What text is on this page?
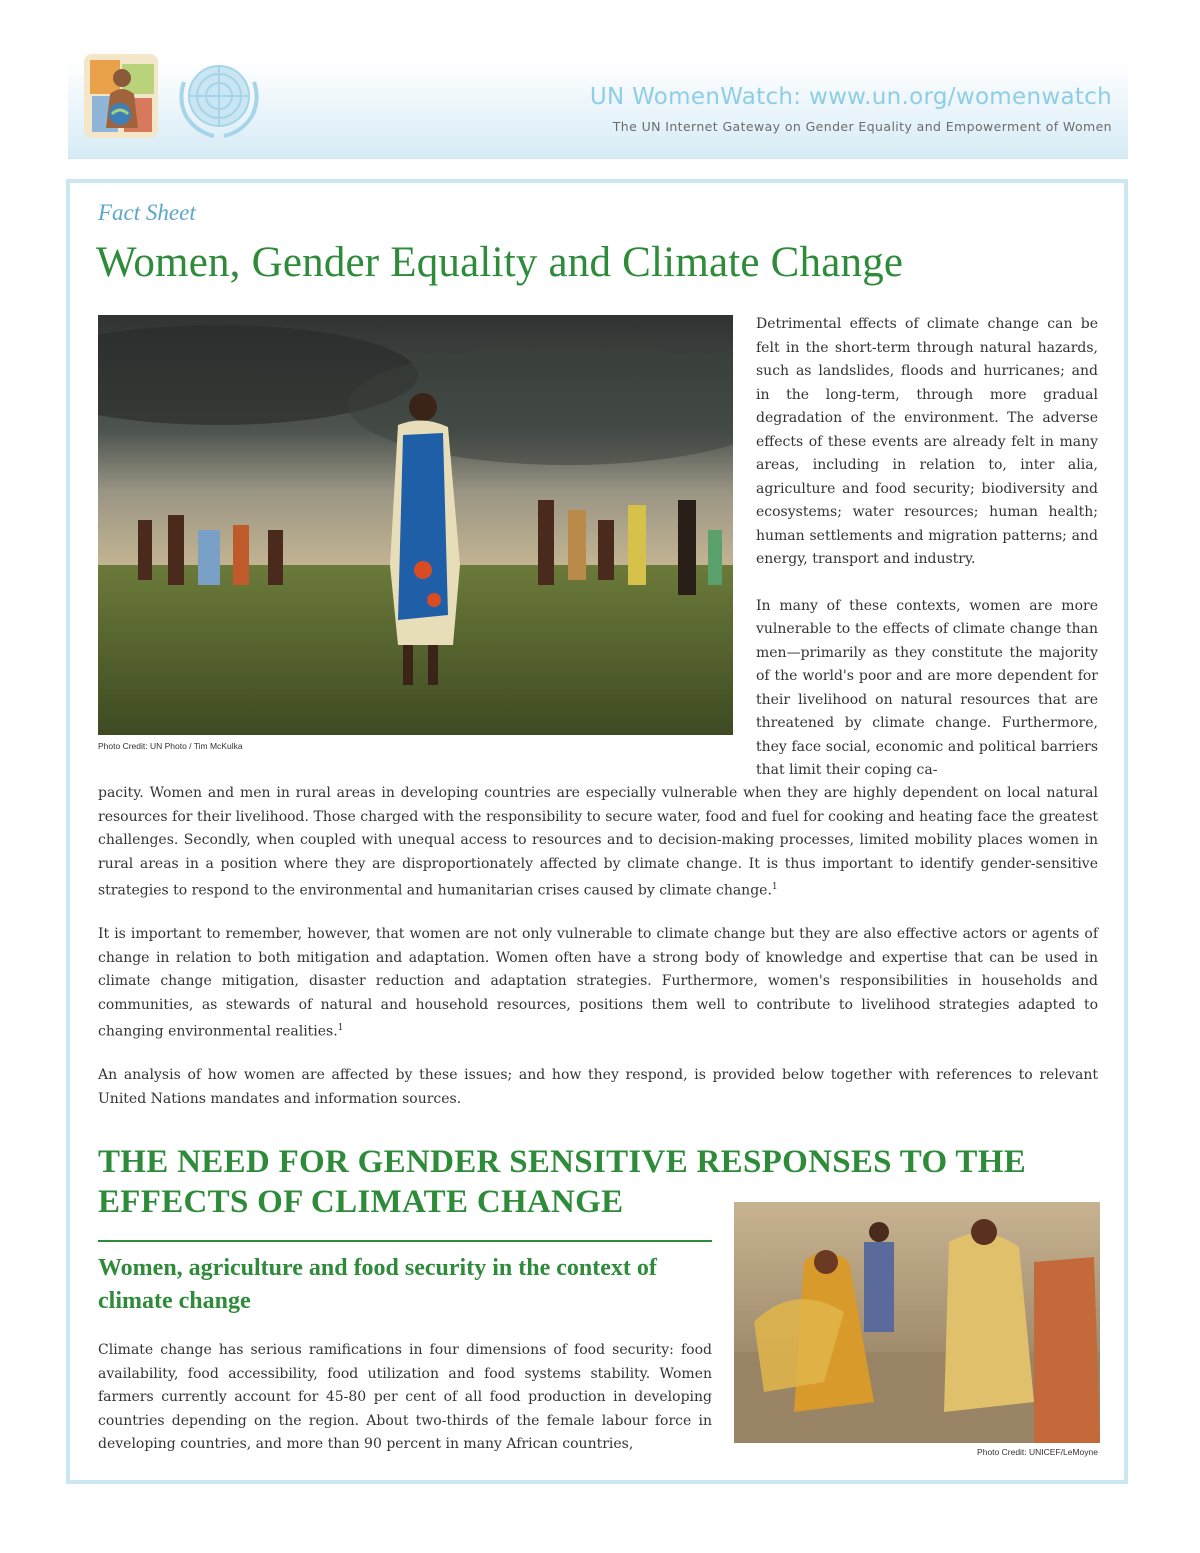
UN WomenWatch: www.un.org/womenwatch
The UN Internet Gateway on Gender Equality and Empowerment of Women
Fact Sheet
Women, Gender Equality and Climate Change
Photo Credit: UN Photo / Tim McKulka

Detrimental effects of climate change can be felt in the short-term through natural hazards, such as landslides, floods and hurricanes; and in the long-term, through more gradual degradation of the environment. The adverse effects of these events are already felt in many areas, including in relation to, inter alia, agriculture and food security; biodiversity and ecosystems; water resources; human health; human settlements and migration patterns; and energy, transport and industry.

In many of these contexts, women are more vulnerable to the effects of climate change than men—primarily as they constitute the majority of the world's poor and are more dependent for their livelihood on natural resources that are threatened by climate change. Furthermore, they face social, economic and political barriers that limit their coping ca-

pacity. Women and men in rural areas in developing countries are especially vulnerable when they are highly dependent on local natural resources for their livelihood. Those charged with the responsibility to secure water, food and fuel for cooking and heating face the greatest challenges. Secondly, when coupled with unequal access to resources and to decision-making processes, limited mobility places women in rural areas in a position where they are disproportionately affected by climate change. It is thus important to identify gender-sensitive strategies to respond to the environmental and humanitarian crises caused by climate change.$^1$

It is important to remember, however, that women are not only vulnerable to climate change but they are also effective actors or agents of change in relation to both mitigation and adaptation. Women often have a strong body of knowledge and expertise that can be used in climate change mitigation, disaster reduction and adaptation strategies. Furthermore, women's responsibilities in households and communities, as stewards of natural and household resources, positions them well to contribute to livelihood strategies adapted to changing environmental realities.$^1$

An analysis of how women are affected by these issues; and how they respond, is provided below together with references to relevant United Nations mandates and information sources.

THE NEED FOR GENDER SENSITIVE RESPONSES TO THE EFFECTS OF CLIMATE CHANGE
Women, agriculture and food security in the context of climate change
Photo Credit: UNICEF/LeMoyne

Climate change has serious ramifications in four dimensions of food security: food availability, food accessibility, food utilization and food systems stability. Women farmers currently account for 45-80 per cent of all food production in developing countries depending on the region. About two-thirds of the female labour force in developing countries, and more than 90 percent in many African countries,
